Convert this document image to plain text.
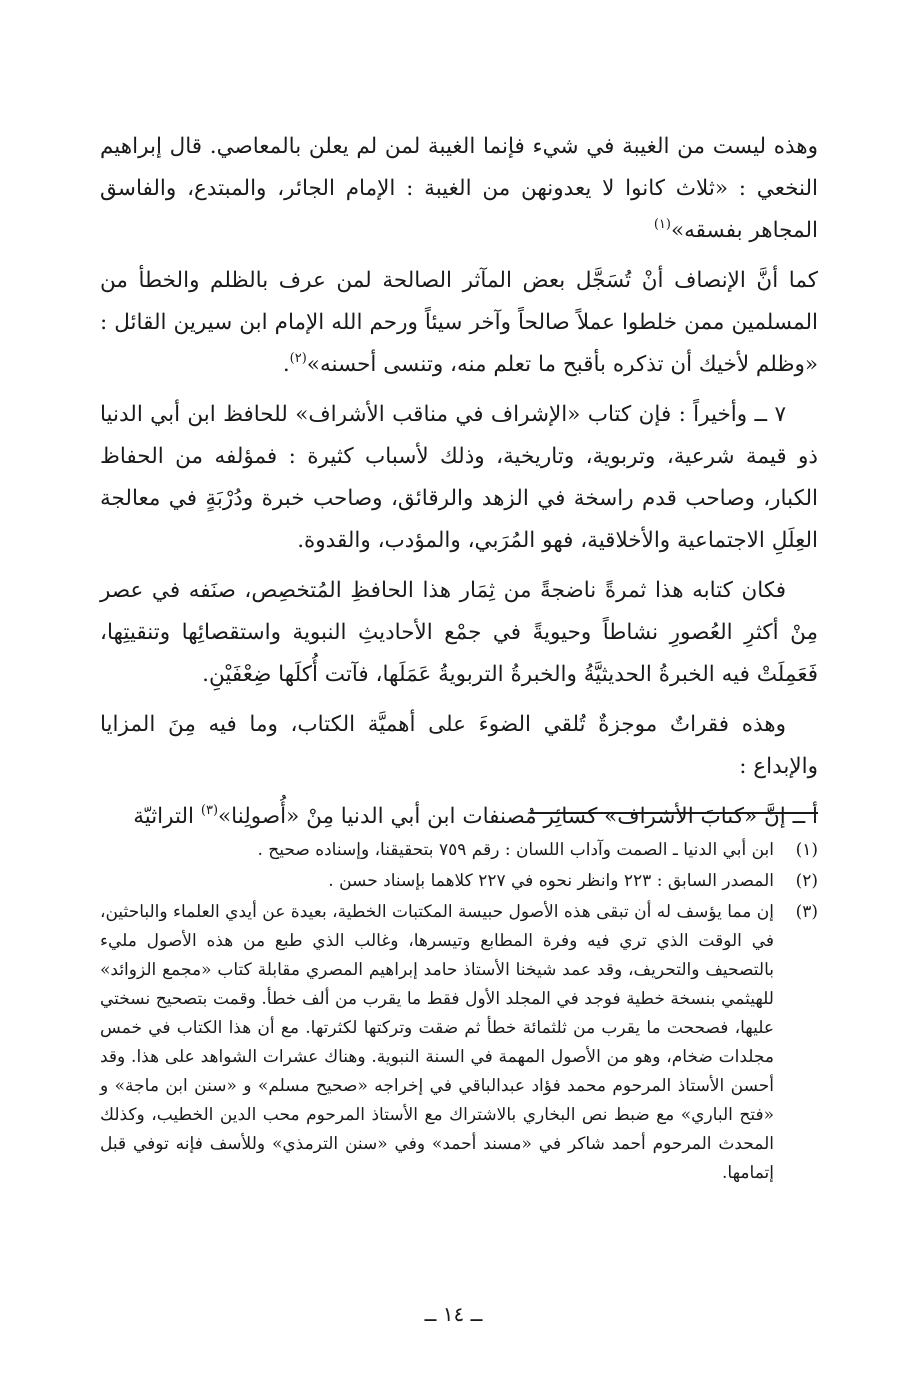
وهذه ليست من الغيبة في شيء فإنما الغيبة لمن لم يعلن بالمعاصي. قال إبراهيم النخعي : «ثلاث كانوا لا يعدونهن من الغيبة : الإمام الجائر، والمبتدع، والفاسق المجاهر بفسقه»$^{(١)}$

كما أنَّ الإنصاف أنْ تُسَجَّل بعض المآثر الصالحة لمن عرف بالظلم والخطأ من المسلمين ممن خلطوا عملاً صالحاً وآخر سيئاً ورحم الله الإمام ابن سيرين القائل : «وظلم لأخيك أن تذكره بأقبح ما تعلم منه، وتنسى أحسنه»$^{(٢)}$.

٧ ــ وأخيراً : فإن كتاب «الإشراف في مناقب الأشراف» للحافظ ابن أبي الدنيا ذو قيمة شرعية، وتربوية، وتاريخية، وذلك لأسباب كثيرة : فمؤلفه من الحفاظ الكبار، وصاحب قدم راسخة في الزهد والرقائق، وصاحب خبرة ودُرْبَةٍ في معالجة العِلَلِ الاجتماعية والأخلاقية، فهو المُرَبي، والمؤدب، والقدوة.

فكان كتابه هذا ثمرةً ناضجةً من ثِمَار هذا الحافظِ المُتخصِص، صنَفه في عصر مِنْ أكثرِ العُصورِ نشاطاً وحيويةً في جمْع الأحاديثِ النبوية واستقصائِها وتنقيتِها، فَعَمِلَتْ فيه الخبرةُ الحديثيَّةُ والخبرةُ التربويةُ عَمَلَها، فآتت أُكلَها ضِعْفَيْنِ.

وهذه فقراتٌ موجزةٌ تُلقي الضوءَ على أهميَّة الكتاب، وما فيه مِنَ المزايا والإبداع :

أ ــ إنَّ «كتابَ الأشراف» كسائِر مُصنفات ابن أبي الدنيا مِنْ «أُصولِنا»$^{(٣)}$ التراثيّة

(١)
ابن أبي الدنيا ـ الصمت وآداب اللسان : رقم ٧٥٩ بتحقيقنا، وإسناده صحيح .
(٢)
المصدر السابق : ٢٢٣ وانظر نحوه في ٢٢٧ كلاهما بإسناد حسن .
(٣)
إن مما يؤسف له أن تبقى هذه الأصول حبيسة المكتبات الخطية، بعيدة عن أيدي العلماء والباحثين، في الوقت الذي تري فيه وفرة المطابع وتيسرها، وغالب الذي طبع من هذه الأصول مليء بالتصحيف والتحريف، وقد عمد شيخنا الأستاذ حامد إبراهيم المصري مقابلة كتاب «مجمع الزوائد» للهيثمي بنسخة خطية فوجد في المجلد الأول فقط ما يقرب من ألف خطأ. وقمت بتصحيح نسختي عليها، فصححت ما يقرب من ثلثمائة خطأ ثم ضقت وتركتها لكثرتها. مع أن هذا الكتاب في خمس مجلدات ضخام، وهو من الأصول المهمة في السنة النبوية. وهناك عشرات الشواهد على هذا. وقد أحسن الأستاذ المرحوم محمد فؤاد عبدالباقي في إخراجه «صحيح مسلم» و «سنن ابن ماجة» و «فتح الباري» مع ضبط نص البخاري بالاشتراك مع الأستاذ المرحوم محب الدين الخطيب، وكذلك المحدث المرحوم أحمد شاكر في «مسند أحمد» وفي «سنن الترمذي» وللأسف فإنه توفي قبل إتمامها.
ــ ١٤ ــ
